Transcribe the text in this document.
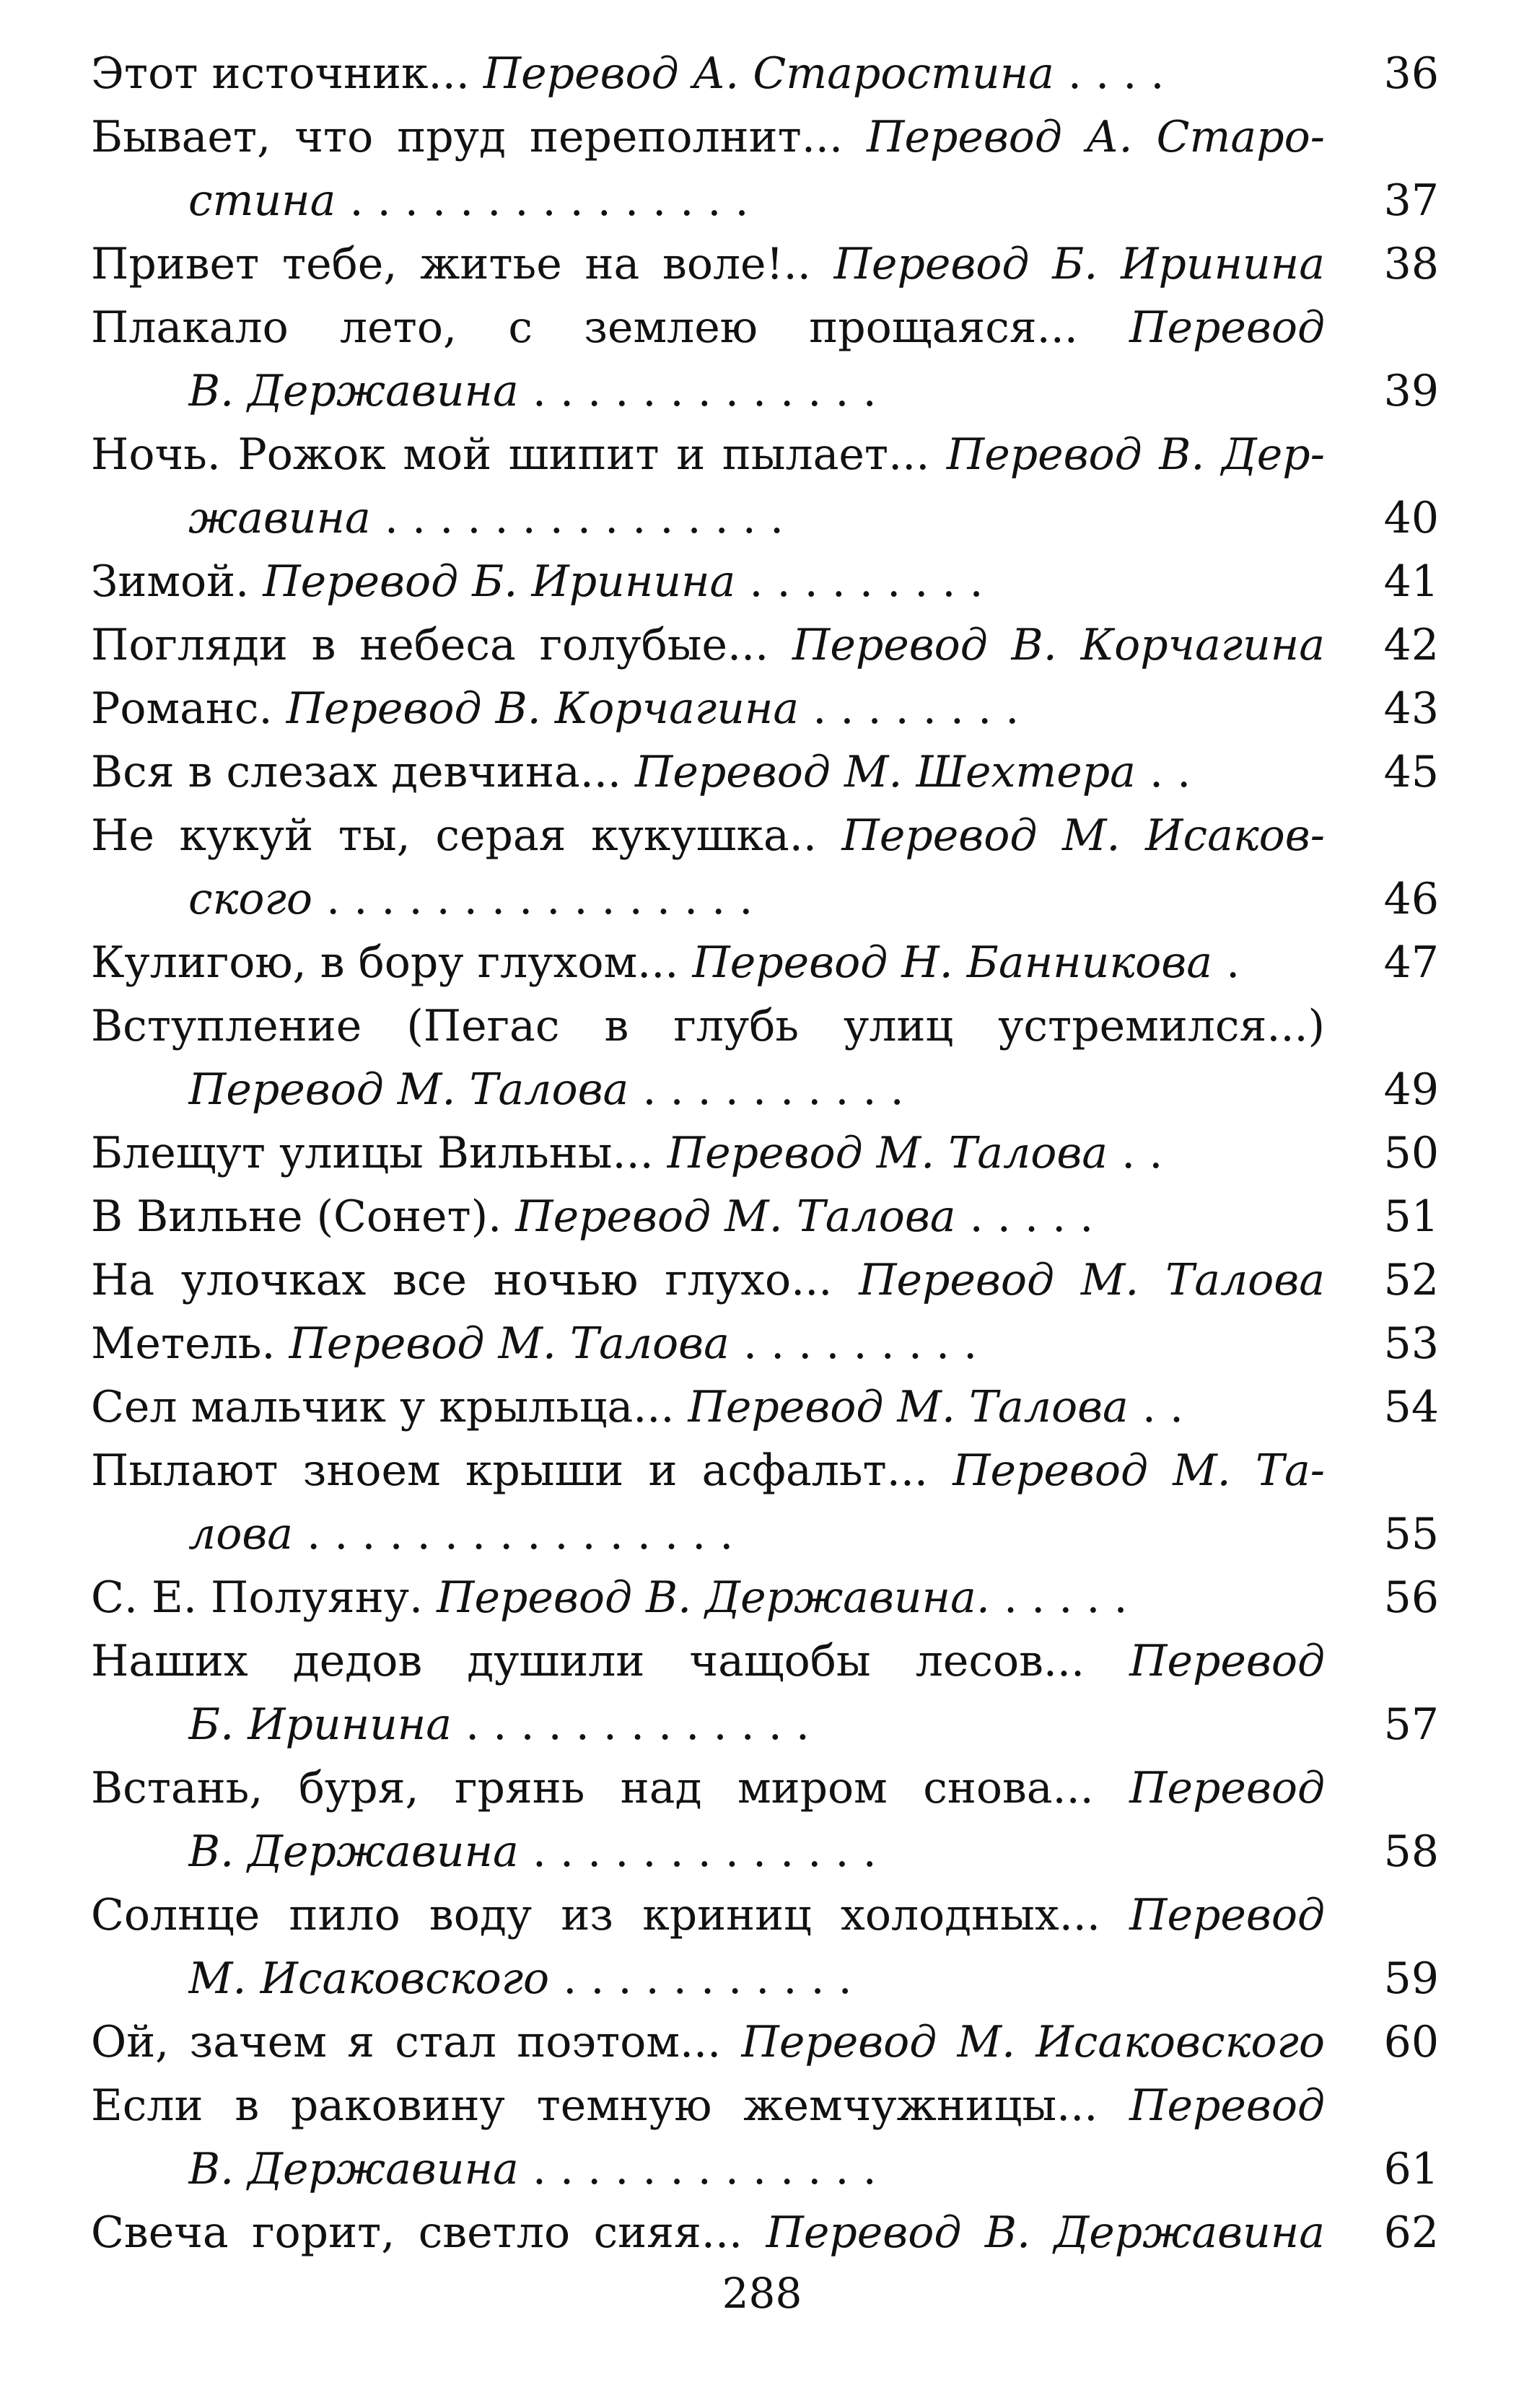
Этот источник... Перевод А. Старостина . . . .	36
Бывает, что пруд переполнит... Перевод А. Старо-
стина . . . . . . . . . . . . . . .	37
Привет тебе, житье на воле!.. Перевод Б. Иринина	38
Плакало лето, с землею прощаяся... Перевод
В. Державина . . . . . . . . . . . . .	39
Ночь. Рожок мой шипит и пылает... Перевод В. Дер-
жавина . . . . . . . . . . . . . . .	40
Зимой. Перевод Б. Иринина . . . . . . . . .	41
Погляди в небеса голубые... Перевод В. Корчагина	42
Романс. Перевод В. Корчагина . . . . . . . .	43
Вся в слезах девчина... Перевод М. Шехтера . .	45
Не кукуй ты, серая кукушка.. Перевод М. Исаков-
ского . . . . . . . . . . . . . . . .	46
Кулигою, в бору глухом... Перевод Н. Банникова .	47
Вступление (Пегас в глубь улиц устремился...)
Перевод М. Талова . . . . . . . . . .	49
Блещут улицы Вильны... Перевод М. Талова . .	50
В Вильне (Сонет). Перевод М. Талова . . . . .	51
На улочках все ночью глухо... Перевод М. Талова	52
Метель. Перевод М. Талова . . . . . . . . .	53
Сел мальчик у крыльца... Перевод М. Талова . .	54
Пылают зноем крыши и асфальт... Перевод М. Та-
лова . . . . . . . . . . . . . . . .	55
С. Е. Полуяну. Перевод В. Державина. . . . . .	56
Наших дедов душили чащобы лесов... Перевод
Б. Иринина . . . . . . . . . . . . .	57
Встань, буря, грянь над миром снова... Перевод
В. Державина . . . . . . . . . . . . .	58
Солнце пило воду из криниц холодных... Перевод
М. Исаковского . . . . . . . . . . .	59
Ой, зачем я стал поэтом... Перевод М. Исаковского	60
Если в раковину темную жемчужницы... Перевод
В. Державина . . . . . . . . . . . . .	61
Свеча горит, светло сияя... Перевод В. Державина	62
288
